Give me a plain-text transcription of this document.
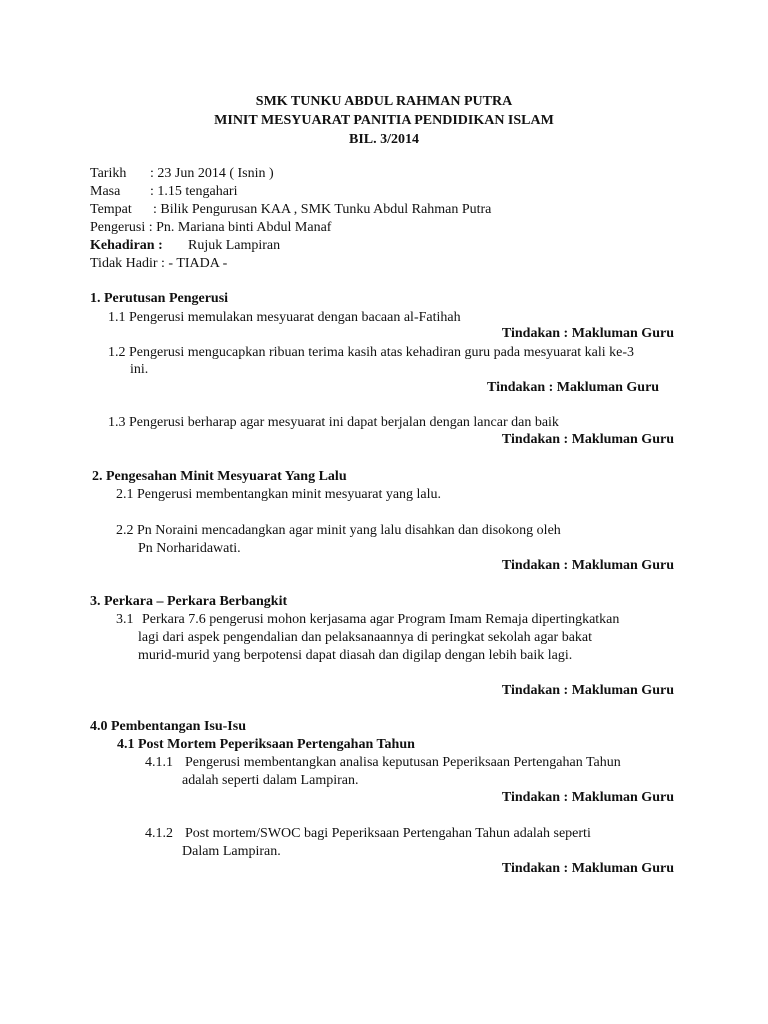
SMK TUNKU ABDUL RAHMAN PUTRA
MINIT MESYUARAT PANITIA PENDIDIKAN ISLAM
BIL. 3/2014
Tarikh : 23 Jun 2014 ( Isnin )
Masa : 1.15 tengahari
Tempat : Bilik Pengurusan KAA , SMK Tunku Abdul Rahman Putra
Pengerusi : Pn. Mariana binti Abdul Manaf
Kehadiran : Rujuk Lampiran
Tidak Hadir : - TIADA -
1. Perutusan Pengerusi
1.1 Pengerusi memulakan mesyuarat dengan bacaan al-Fatihah
Tindakan : Makluman Guru
1.2 Pengerusi mengucapkan ribuan terima kasih atas kehadiran guru pada mesyuarat kali ke-3
ini.
Tindakan : Makluman Guru
1.3 Pengerusi berharap agar mesyuarat ini dapat berjalan dengan lancar dan baik
Tindakan : Makluman Guru
2. Pengesahan Minit Mesyuarat Yang Lalu
2.1 Pengerusi membentangkan minit mesyuarat yang lalu.
2.2 Pn Noraini mencadangkan agar minit yang lalu disahkan dan disokong oleh
Pn Norharidawati.
Tindakan : Makluman Guru
3. Perkara – Perkara Berbangkit
3.1 Perkara 7.6 pengerusi mohon kerjasama agar Program Imam Remaja dipertingkatkan
lagi dari aspek pengendalian dan pelaksanaannya di peringkat sekolah agar bakat
murid-murid yang berpotensi dapat diasah dan digilap dengan lebih baik lagi.
Tindakan : Makluman Guru
4.0 Pembentangan Isu-Isu
4.1 Post Mortem Peperiksaan Pertengahan Tahun
4.1.1 Pengerusi membentangkan analisa keputusan Peperiksaan Pertengahan Tahun
adalah seperti dalam Lampiran.
Tindakan : Makluman Guru
4.1.2 Post mortem/SWOC bagi Peperiksaan Pertengahan Tahun adalah seperti
Dalam Lampiran.
Tindakan : Makluman Guru
